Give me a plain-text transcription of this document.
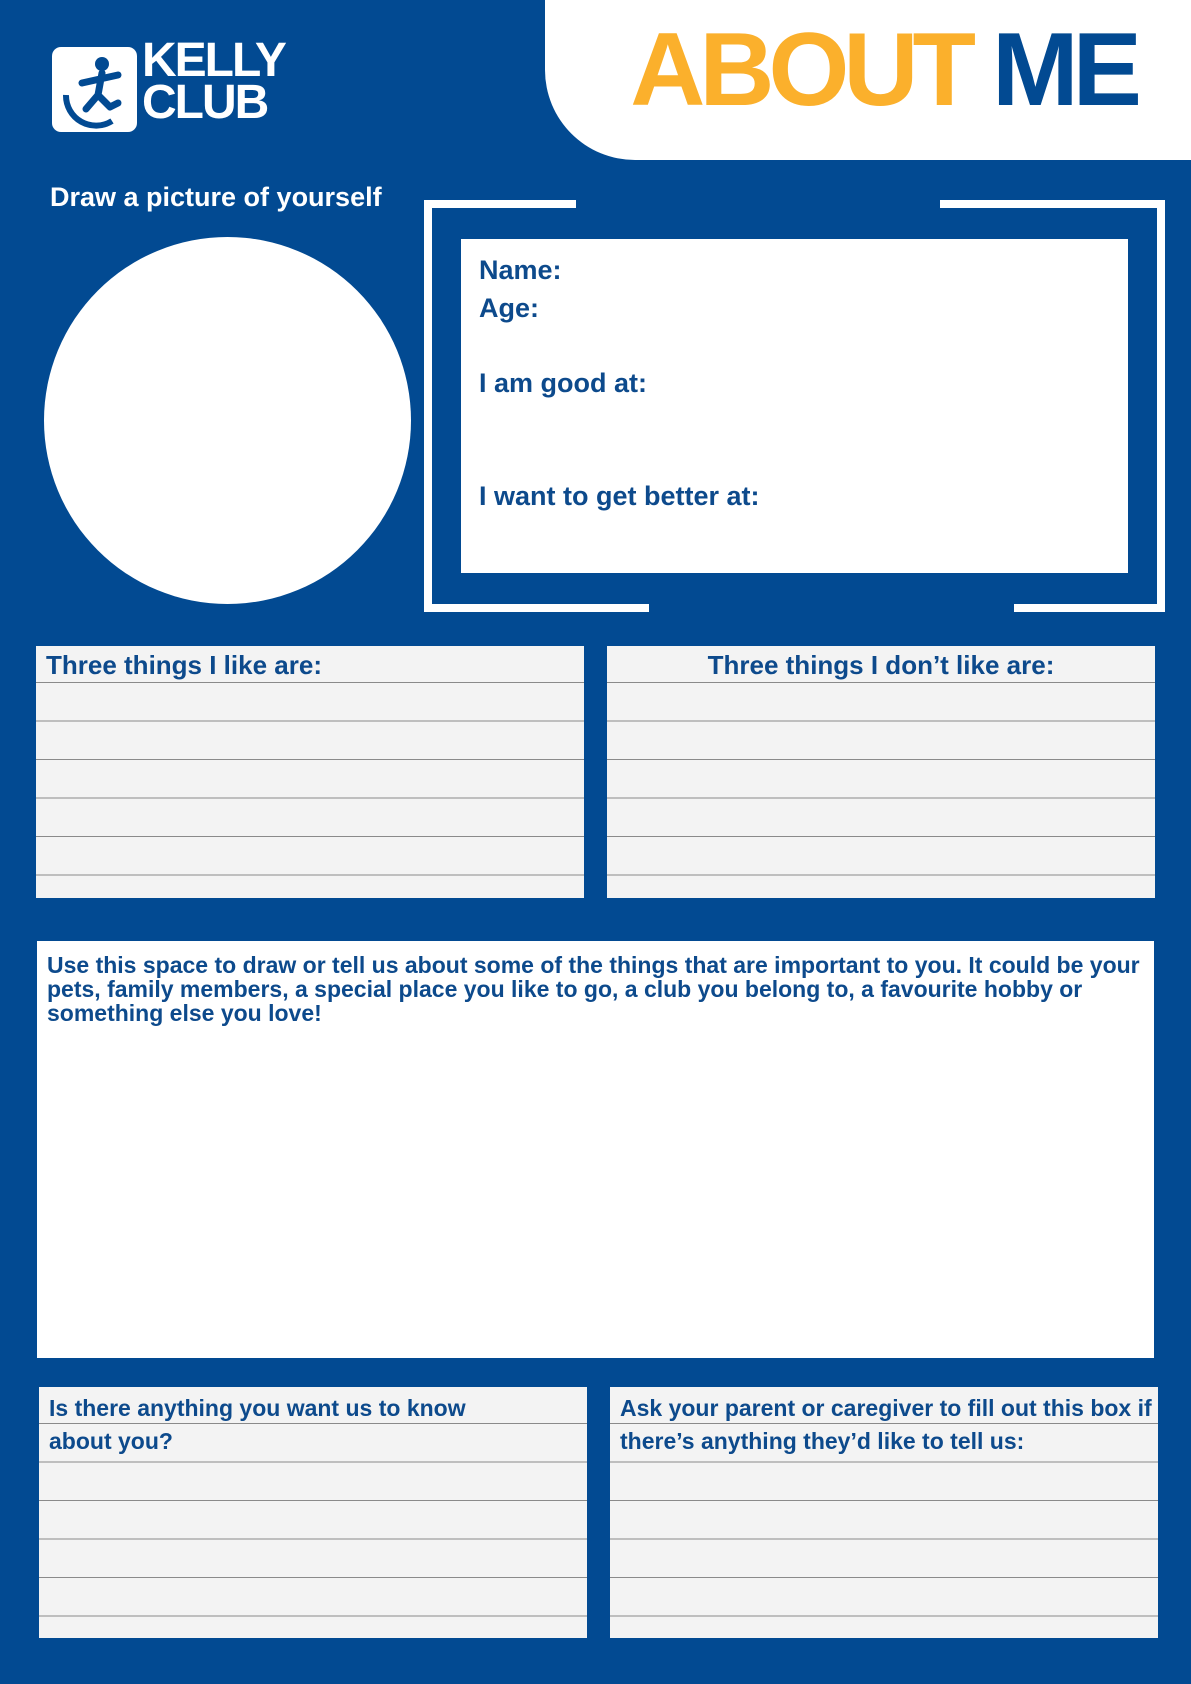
ABOUT ME
KELLY
CLUB
Draw a picture of yourself
Name:
Age:
I am good at:
I want to get better at:
Three things I like are:	Three things I don’t like are:

Use this space to draw or tell us about some of the things that are important to you. It could be your pets, family members, a special place you like to go, a club you belong to, a favourite hobby or something else you love!

Is there anything you want us to know
about you?
Ask your parent or caregiver to fill out this box if
there’s anything they’d like to tell us:
